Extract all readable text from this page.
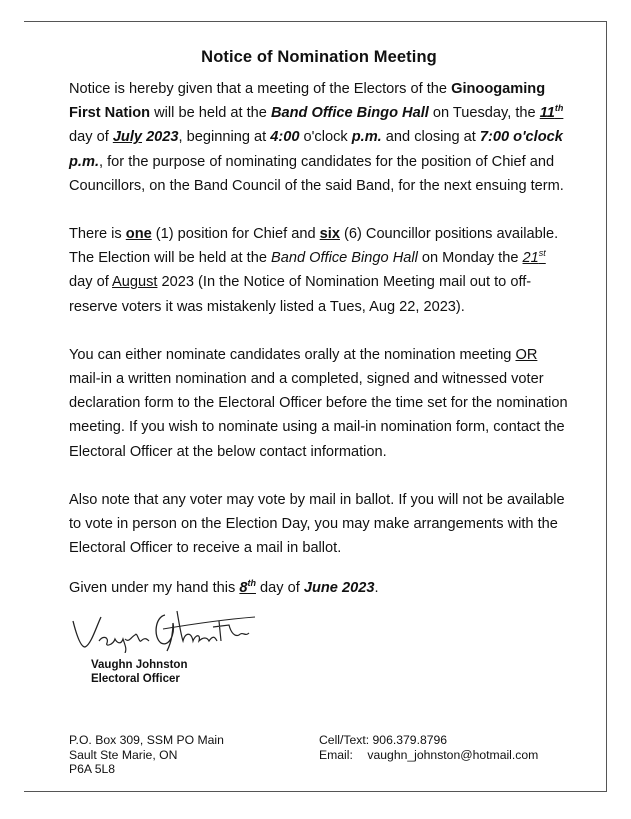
Notice of Nomination Meeting

Notice is hereby given that a meeting of the Electors of the Ginoogaming First Nation will be held at the Band Office Bingo Hall on Tuesday, the 11th day of July 2023, beginning at 4:00 o'clock p.m. and closing at 7:00 o'clock p.m., for the purpose of nominating candidates for the position of Chief and Councillors, on the Band Council of the said Band, for the next ensuing term.

There is one (1) position for Chief and six (6) Councillor positions available. The Election will be held at the Band Office Bingo Hall on Monday the 21st day of August 2023 (In the Notice of Nomination Meeting mail out to off-reserve voters it was mistakenly listed a Tues, Aug 22, 2023).

You can either nominate candidates orally at the nomination meeting OR mail-in a written nomination and a completed, signed and witnessed voter declaration form to the Electoral Officer before the time set for the nomination meeting. If you wish to nominate using a mail-in nomination form, contact the Electoral Officer at the below contact information.

Also note that any voter may vote by mail in ballot. If you will not be available to vote in person on the Election Day, you may make arrangements with the Electoral Officer to receive a mail in ballot.

Given under my hand this 8th day of June 2023.

Vaughn Johnston
Electoral Officer
P.O. Box 309, SSM PO Main
Sault Ste Marie, ON
P6A 5L8
Cell/Text: 906.379.8796
Email: vaughn_johnston@hotmail.com
